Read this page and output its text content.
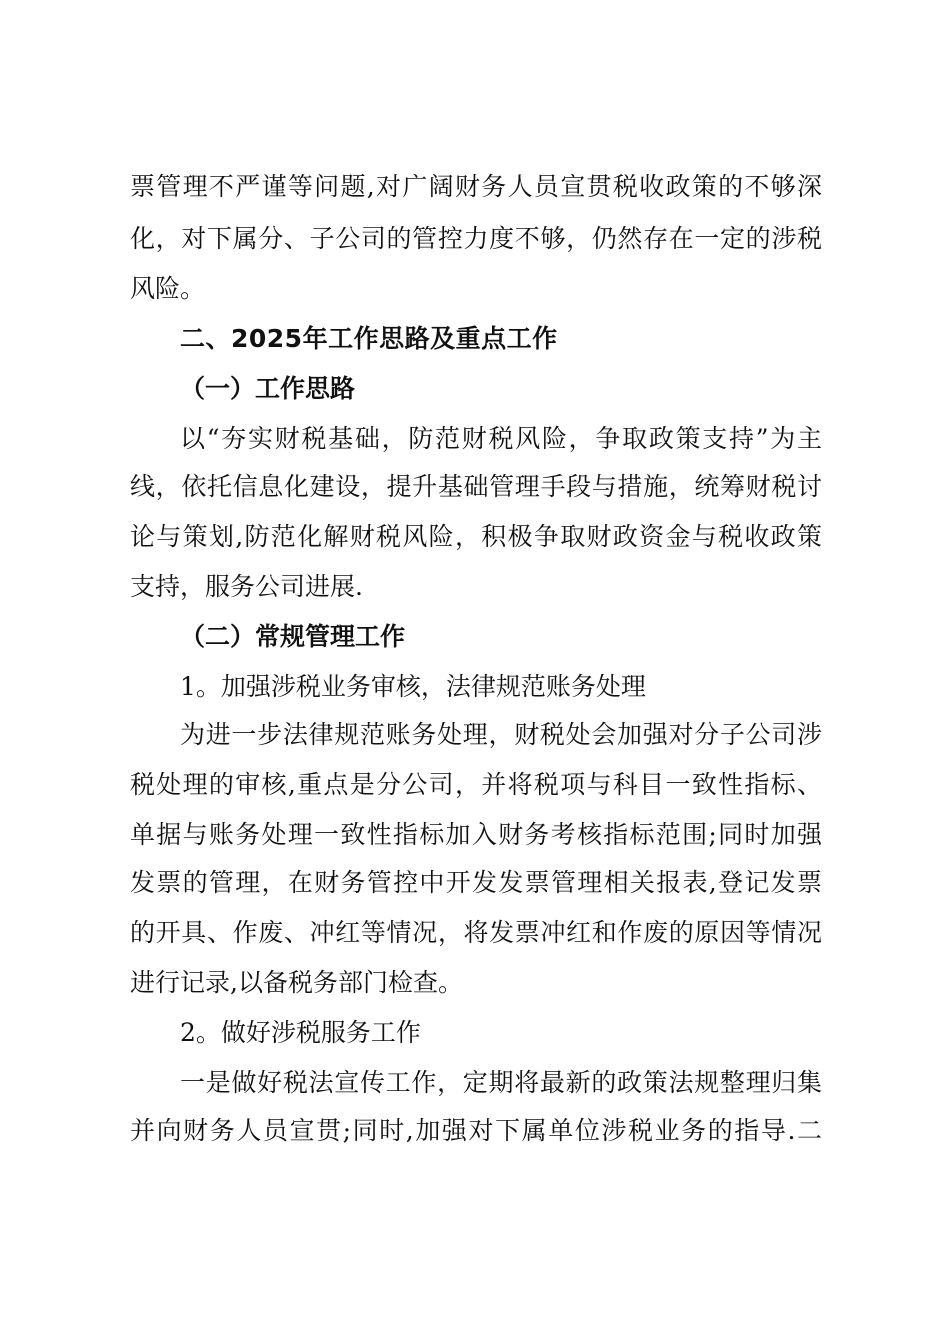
票管理不严谨等问题,对广阔财务人员宣贯税收政策的不够深
化，对下属分、子公司的管控力度不够，仍然存在一定的涉税
风险。
二、2025年工作思路及重点工作
（一）工作思路
以“夯实财税基础，防范财税风险，争取政策支持”为主
线，依托信息化建设，提升基础管理手段与措施，统筹财税讨
论与策划,防范化解财税风险，积极争取财政资金与税收政策
支持，服务公司进展.
（二）常规管理工作
1。加强涉税业务审核，法律规范账务处理
为进一步法律规范账务处理，财税处会加强对分子公司涉
税处理的审核,重点是分公司，并将税项与科目一致性指标、
单据与账务处理一致性指标加入财务考核指标范围;同时加强
发票的管理，在财务管控中开发发票管理相关报表,登记发票
的开具、作废、冲红等情况，将发票冲红和作废的原因等情况
进行记录,以备税务部门检查。
2。做好涉税服务工作
一是做好税法宣传工作，定期将最新的政策法规整理归集
并向财务人员宣贯;同时,加强对下属单位涉税业务的指导.二
